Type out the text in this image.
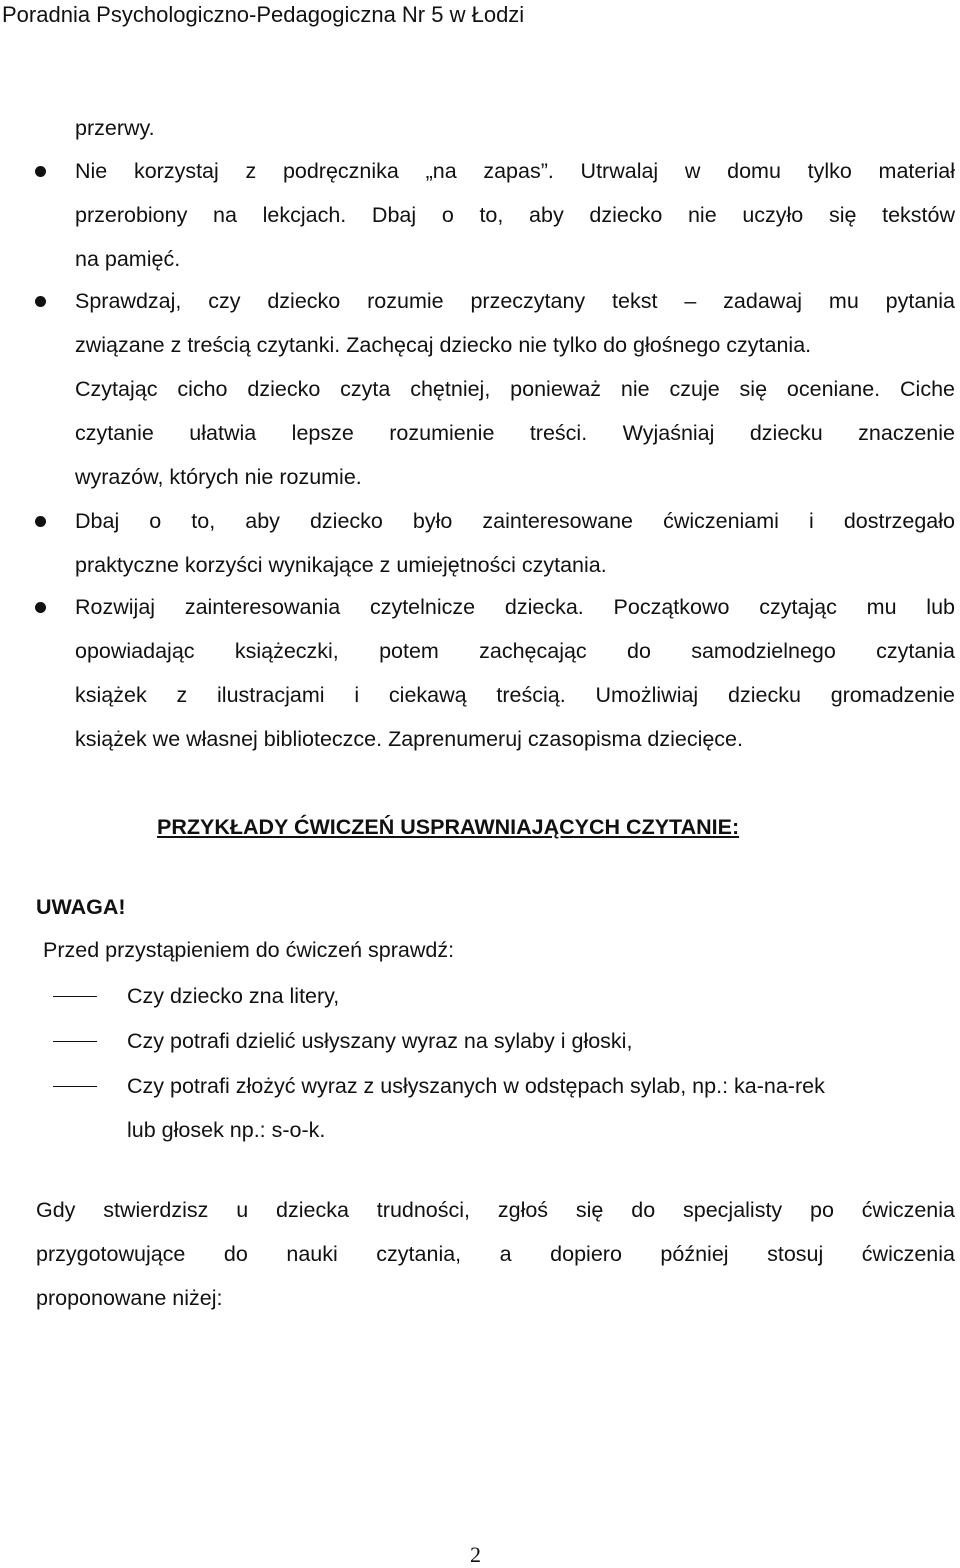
Poradnia Psychologiczno-Pedagogiczna Nr 5 w Łodzi
przerwy.
Nie korzystaj z podręcznika „na zapas”. Utrwalaj w domu tylko materiał
przerobiony na lekcjach. Dbaj o to, aby dziecko nie uczyło się tekstów
na pamięć.
Sprawdzaj, czy dziecko rozumie przeczytany tekst – zadawaj mu pytania
związane z treścią czytanki. Zachęcaj dziecko nie tylko do głośnego czytania.
Czytając cicho dziecko czyta chętniej, ponieważ nie czuje się oceniane. Ciche
czytanie ułatwia lepsze rozumienie treści. Wyjaśniaj dziecku znaczenie
wyrazów, których nie rozumie.
Dbaj o to, aby dziecko było zainteresowane ćwiczeniami i dostrzegało
praktyczne korzyści wynikające z umiejętności czytania.
Rozwijaj zainteresowania czytelnicze dziecka. Początkowo czytając mu lub
opowiadając książeczki, potem zachęcając do samodzielnego czytania
książek z ilustracjami i ciekawą treścią. Umożliwiaj dziecku gromadzenie
książek we własnej biblioteczce. Zaprenumeruj czasopisma dziecięce.
PRZYKŁADY ĆWICZEŃ USPRAWNIAJĄCYCH CZYTANIE:
UWAGA!
Przed przystąpieniem do ćwiczeń sprawdź:
Czy dziecko zna litery,
Czy potrafi dzielić usłyszany wyraz na sylaby i głoski,
Czy potrafi złożyć wyraz z usłyszanych w odstępach sylab, np.: ka-na-rek
lub głosek np.: s-o-k.
Gdy stwierdzisz u dziecka trudności, zgłoś się do specjalisty po ćwiczenia
przygotowujące do nauki czytania, a dopiero później stosuj ćwiczenia
proponowane niżej:
2
